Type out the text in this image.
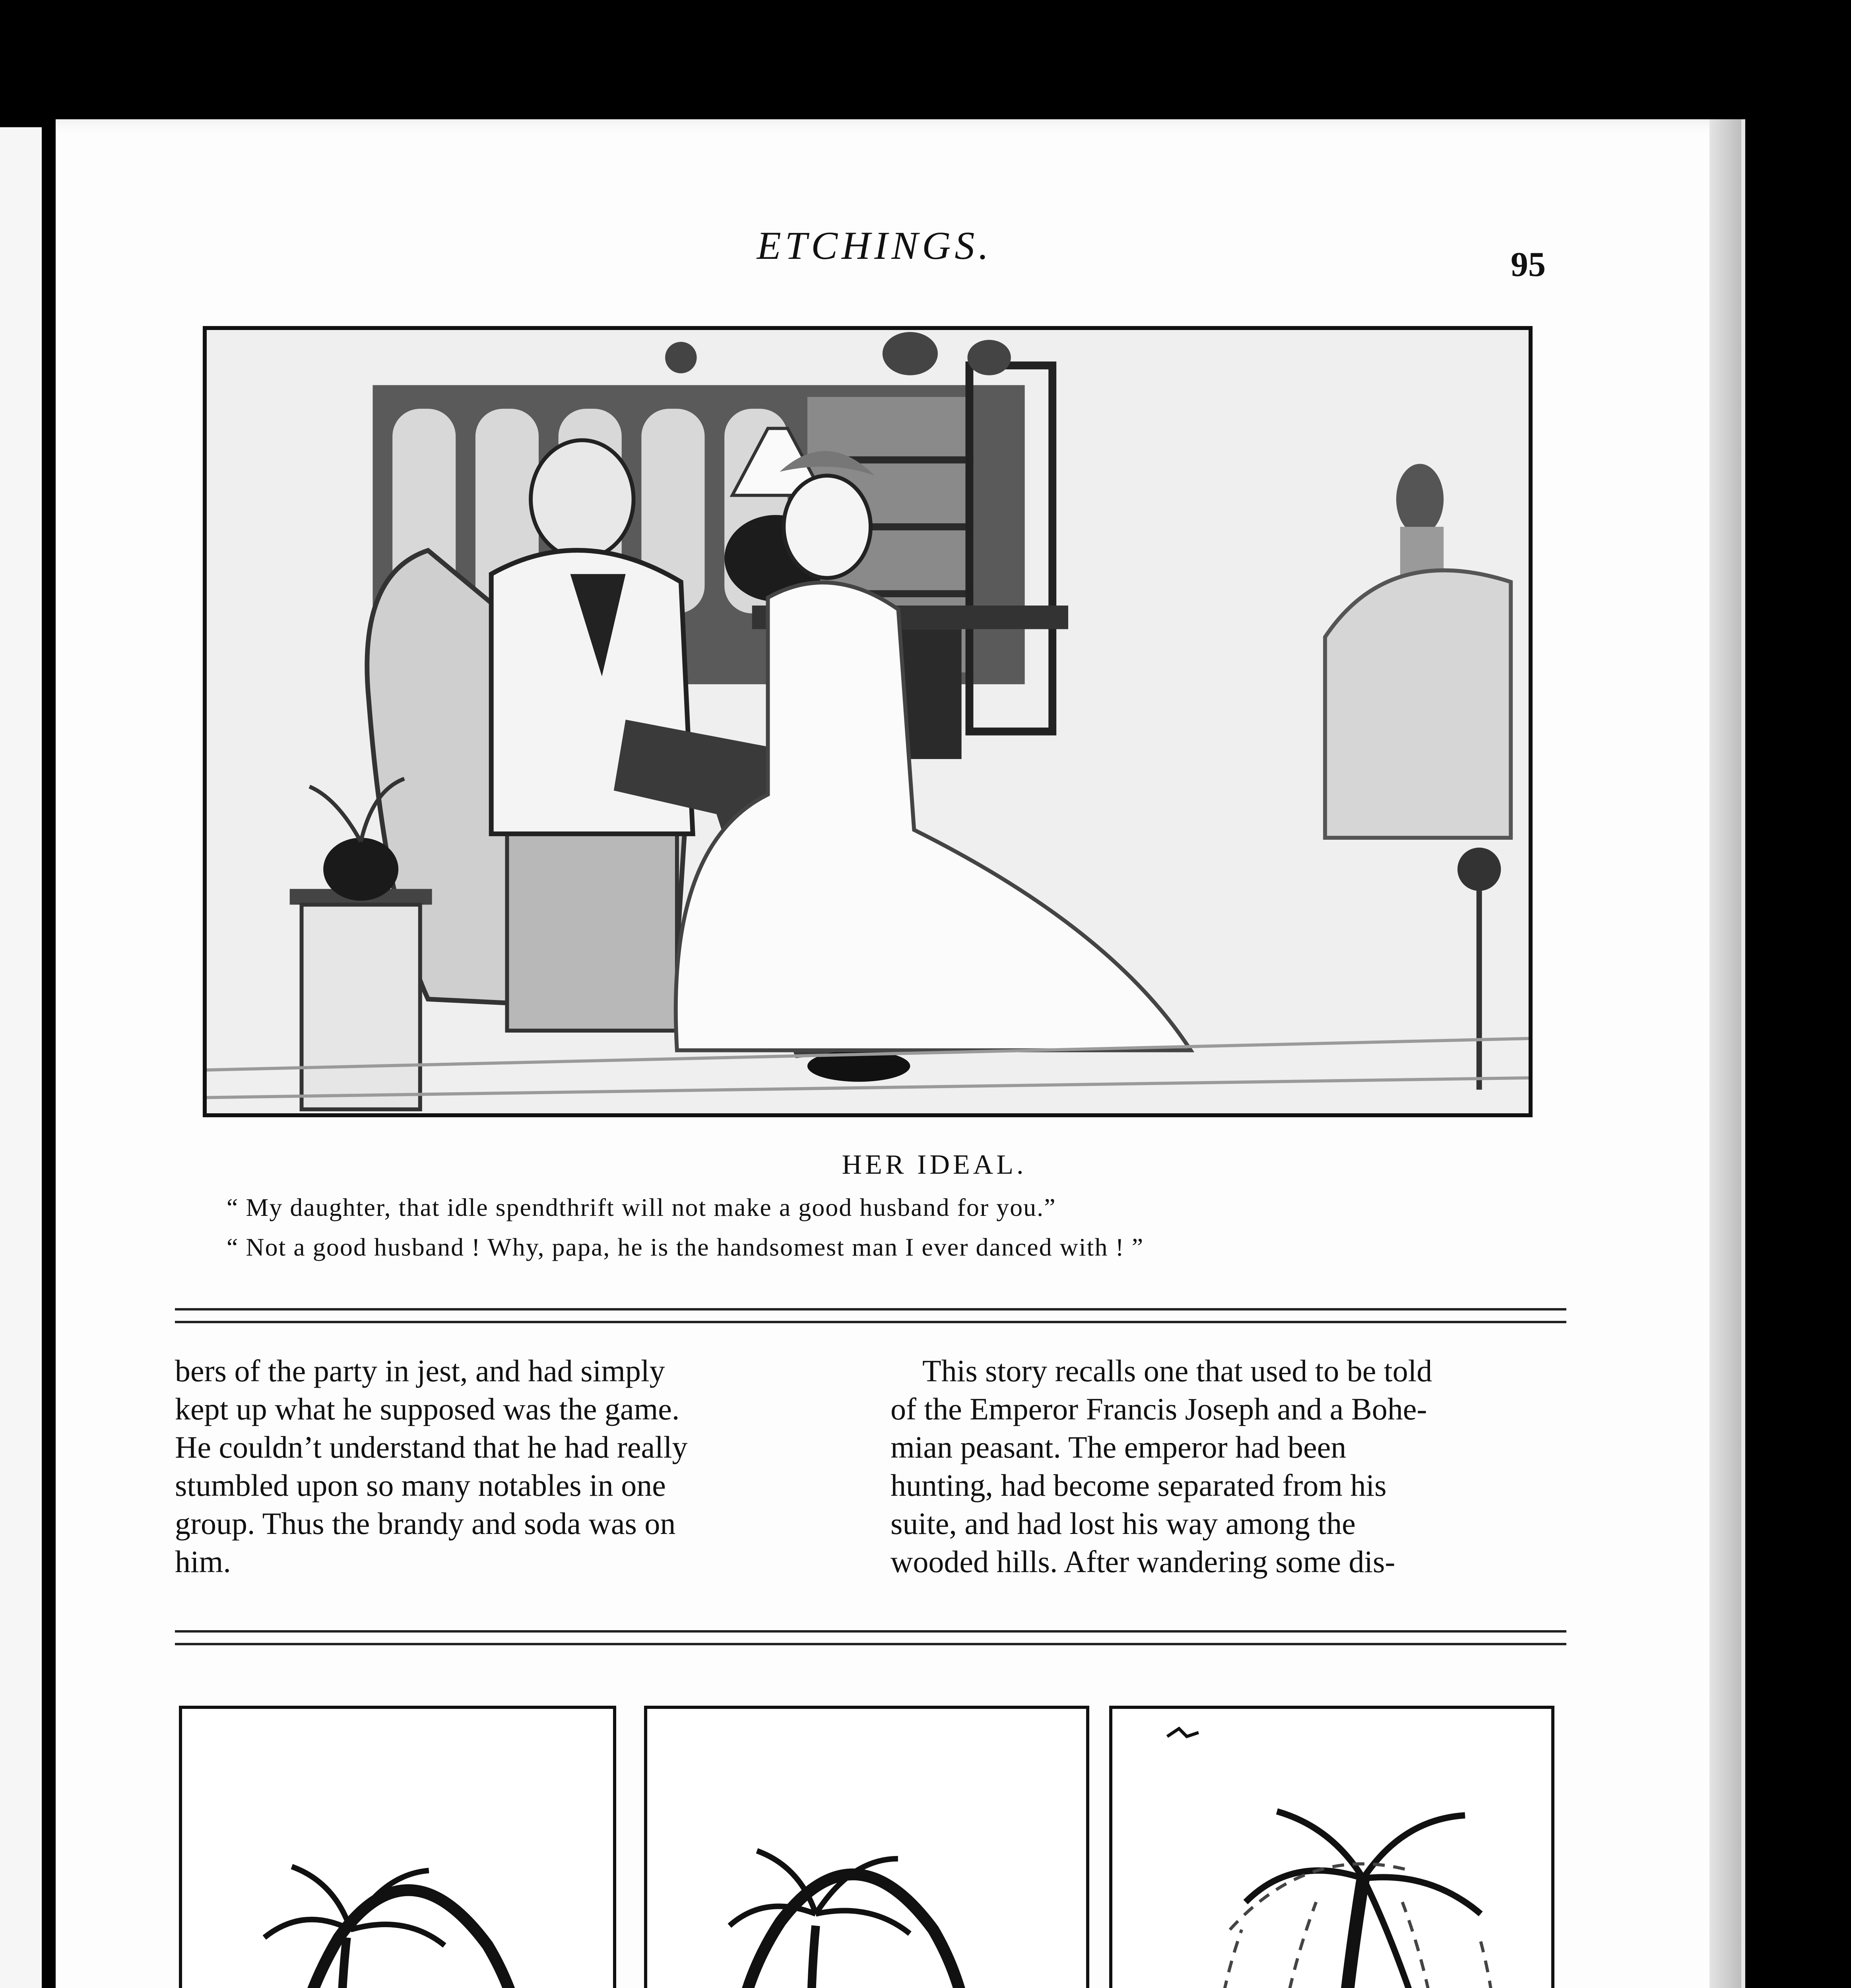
ETCHINGS.	95
HER IDEAL.
“ My daughter, that idle spendthrift will not make a good husband for you.”
“ Not a good husband ! Why, papa, he is the handsomest man I ever danced with ! ”
bers of the party in jest, and had simply
kept up what he supposed was the game.
He couldn’t understand that he had really
stumbled upon so many notables in one
group. Thus the brandy and soda was on
him.
This story recalls one that used to be told
of the Emperor Francis Joseph and a Bohe-
mian peasant. The emperor had been
hunting, had become separated from his
suite, and had lost his way among the
wooded hills. After wandering some dis-
